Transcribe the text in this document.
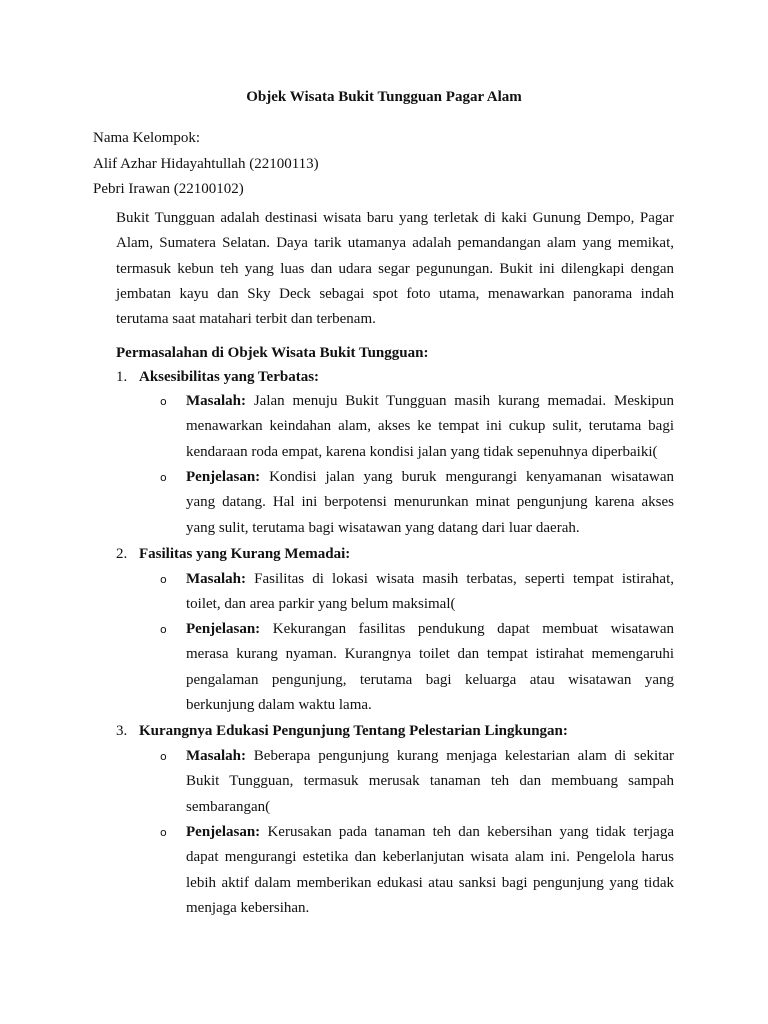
Objek Wisata Bukit Tungguan Pagar Alam
Nama Kelompok:
Alif Azhar Hidayahtullah (22100113)
Pebri Irawan (22100102)
Bukit Tungguan adalah destinasi wisata baru yang terletak di kaki Gunung Dempo, Pagar
Alam, Sumatera Selatan. Daya tarik utamanya adalah pemandangan alam yang memikat,
termasuk kebun teh yang luas dan udara segar pegunungan. Bukit ini dilengkapi dengan
jembatan kayu dan Sky Deck sebagai spot foto utama, menawarkan panorama indah
terutama saat matahari terbit dan terbenam.
Permasalahan di Objek Wisata Bukit Tungguan:
1. Aksesibilitas yang Terbatas:
o Masalah: Jalan menuju Bukit Tungguan masih kurang memadai. Meskipun
menawarkan keindahan alam, akses ke tempat ini cukup sulit, terutama bagi
kendaraan roda empat, karena kondisi jalan yang tidak sepenuhnya diperbaiki(
o Penjelasan: Kondisi jalan yang buruk mengurangi kenyamanan wisatawan
yang datang. Hal ini berpotensi menurunkan minat pengunjung karena akses
yang sulit, terutama bagi wisatawan yang datang dari luar daerah.
2. Fasilitas yang Kurang Memadai:
o Masalah: Fasilitas di lokasi wisata masih terbatas, seperti tempat istirahat,
toilet, dan area parkir yang belum maksimal(
o Penjelasan: Kekurangan fasilitas pendukung dapat membuat wisatawan
merasa kurang nyaman. Kurangnya toilet dan tempat istirahat memengaruhi
pengalaman pengunjung, terutama bagi keluarga atau wisatawan yang
berkunjung dalam waktu lama.
3. Kurangnya Edukasi Pengunjung Tentang Pelestarian Lingkungan:
o Masalah: Beberapa pengunjung kurang menjaga kelestarian alam di sekitar
Bukit Tungguan, termasuk merusak tanaman teh dan membuang sampah
sembarangan(
o Penjelasan: Kerusakan pada tanaman teh dan kebersihan yang tidak terjaga
dapat mengurangi estetika dan keberlanjutan wisata alam ini. Pengelola harus
lebih aktif dalam memberikan edukasi atau sanksi bagi pengunjung yang tidak
menjaga kebersihan.
